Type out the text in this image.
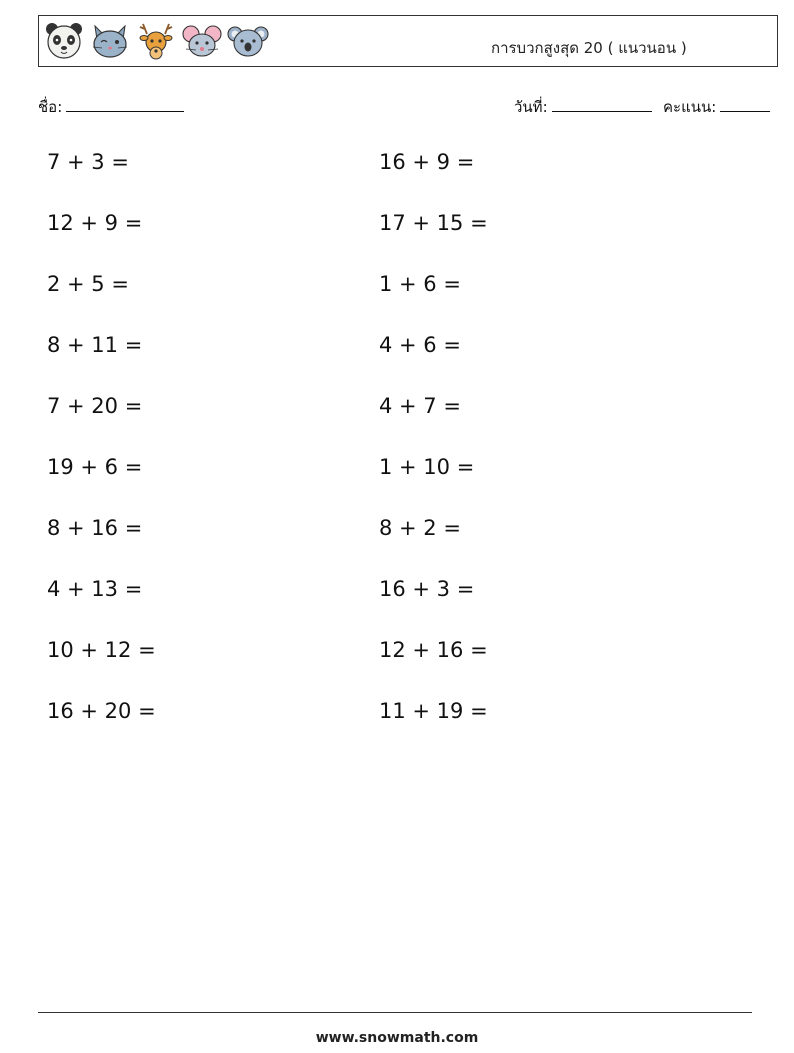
การบวกสูงสุด 20 ( แนวนอน )
ชื่อ:	วันที่:	คะแนน:
7 + 3 =
12 + 9 =
2 + 5 =
8 + 11 =
7 + 20 =
19 + 6 =
8 + 16 =
4 + 13 =
10 + 12 =
16 + 20 =
16 + 9 =
17 + 15 =
1 + 6 =
4 + 6 =
4 + 7 =
1 + 10 =
8 + 2 =
16 + 3 =
12 + 16 =
11 + 19 =
www.snowmath.com
